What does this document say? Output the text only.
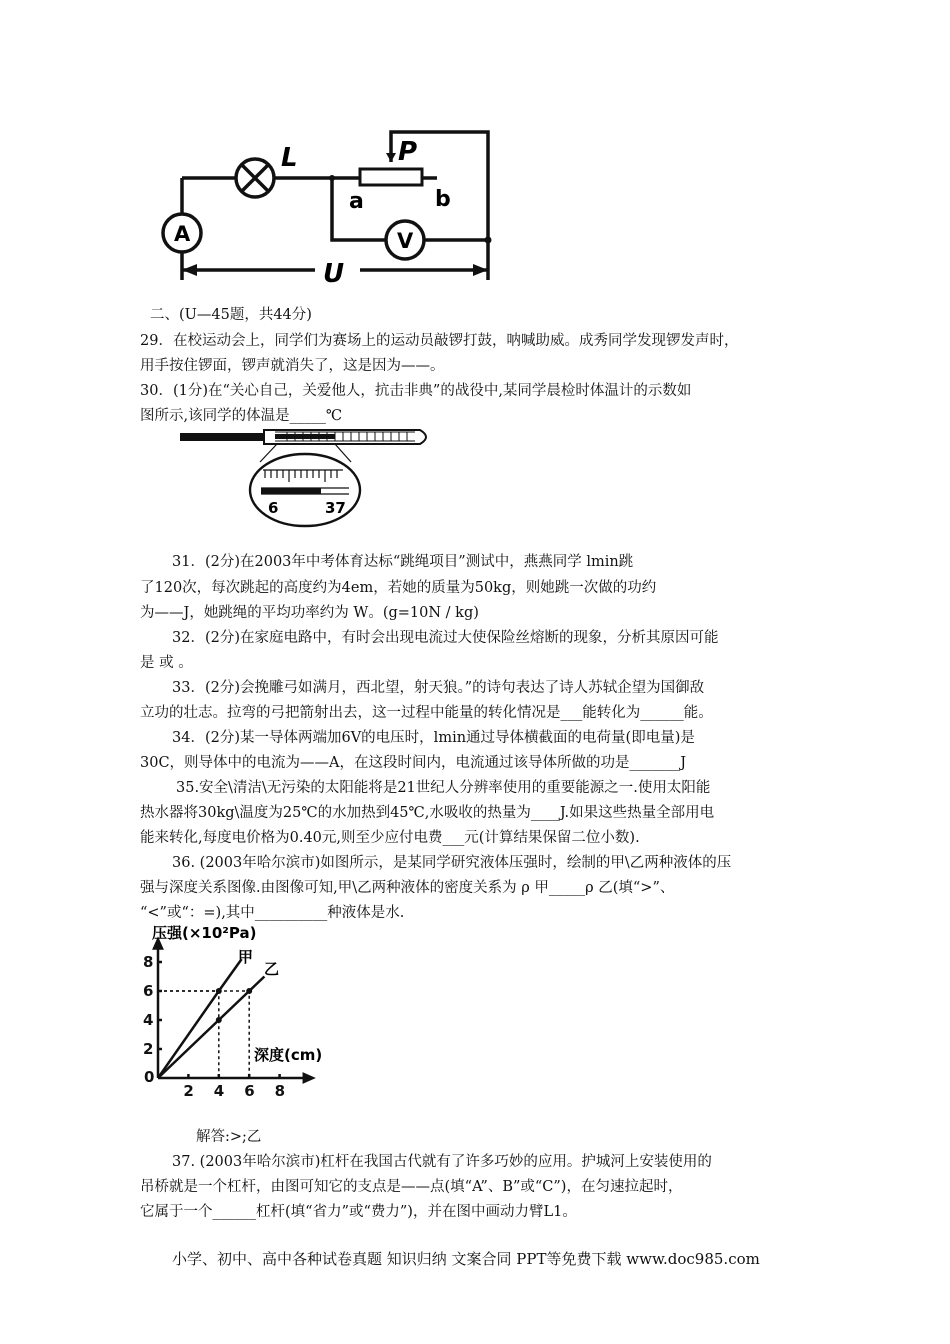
A	V
L	P
a	b
U
二、(U—45题，共44分)
29．在校运动会上，同学们为赛场上的运动员敲锣打鼓，呐喊助威。成秀同学发现锣发声时，
用手按住锣面，锣声就消失了，这是因为——。
30．(1分)在“关心自己，关爱他人，抗击非典”的战役中,某同学晨检时体温计的示数如
图所示,该同学的体温是_____℃
6	37
31．(2分)在2003年中考体育达标“跳绳项目”测试中，燕燕同学 lmin跳
了120次，每次跳起的高度约为4em，若她的质量为50kg，则她跳一次做的功约
为——J，她跳绳的平均功率约为 W。(g=10N / kg)
32．(2分)在家庭电路中，有时会出现电流过大使保险丝熔断的现象，分析其原因可能
是 或 。
33．(2分)会挽雕弓如满月，西北望，射天狼。”的诗句表达了诗人苏轼企望为国御敌
立功的壮志。拉弯的弓把箭射出去，这一过程中能量的转化情况是___能转化为______能。
34．(2分)某一导体两端加6V的电压时，lmin通过导体横截面的电荷量(即电量)是
30C，则导体中的电流为——A，在这段时间内，电流通过该导体所做的功是_______J
35.安全\清洁\无污染的太阳能将是21世纪人分辨率使用的重要能源之一.使用太阳能
热水器将30kg\温度为25℃的水加热到45℃,水吸收的热量为____J.如果这些热量全部用电
能来转化,每度电价格为0.40元,则至少应付电费___元(计算结果保留二位小数).
36. (2003年哈尔滨市)如图所示，是某同学研究液体压强时，绘制的甲\乙两种液体的压
强与深度关系图像.由图像可知,甲\乙两种液体的密度关系为 ρ 甲_____ρ 乙(填“>”、
“<”或“：=),其中__________种液体是水.
0
2 4 6 8
2
4
6
8
压强(×10²Pa)
深度(cm)
甲
乙
解答:>;乙
37. (2003年哈尔滨市)杠杆在我国古代就有了许多巧妙的应用。护城河上安装使用的
吊桥就是一个杠杆，由图可知它的支点是——点(填“A”、B”或“C”)，在匀速拉起时，
它属于一个______杠杆(填“省力”或“费力”)，并在图中画动力臂L1。
小学、初中、高中各种试卷真题 知识归纳 文案合同 PPT等免费下载 www.doc985.com
